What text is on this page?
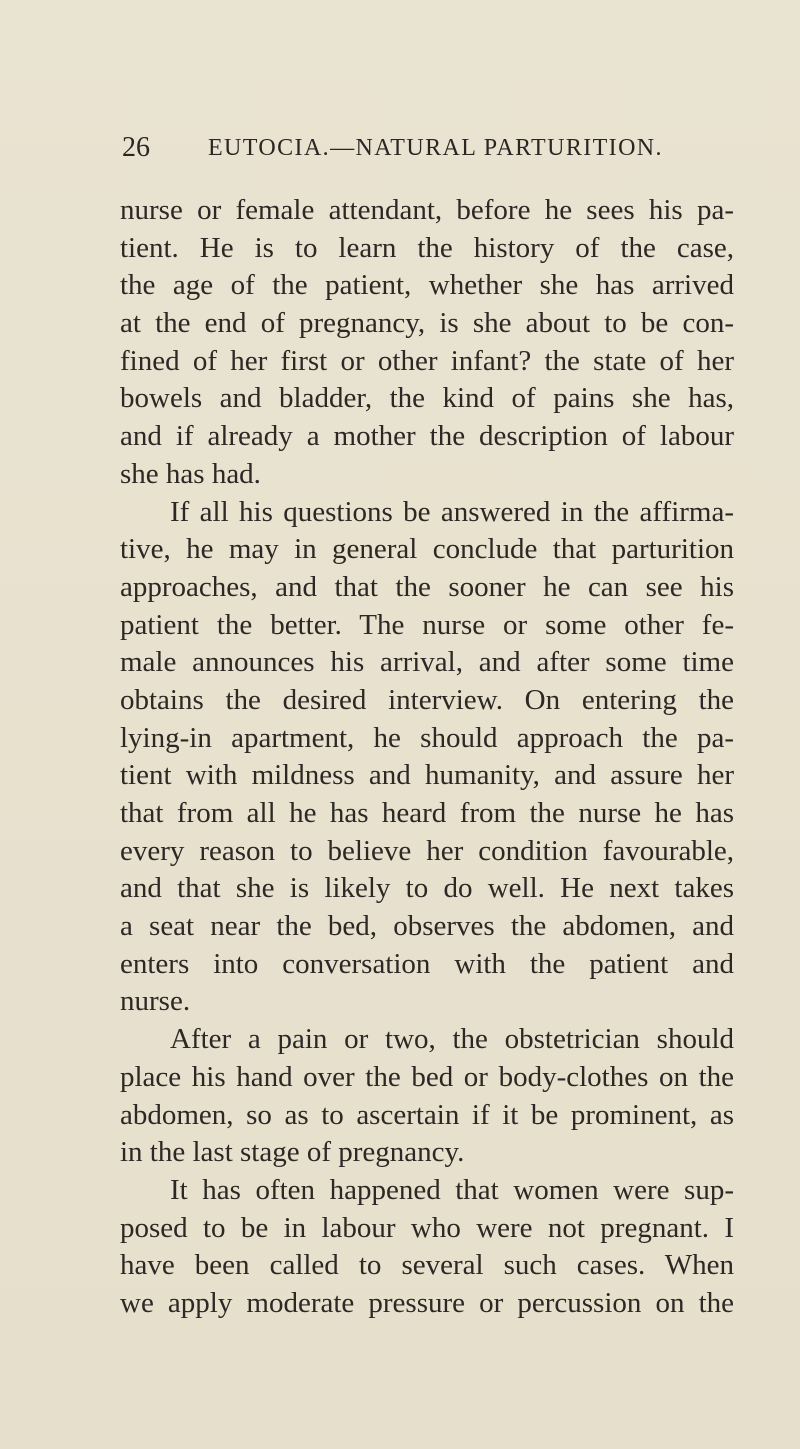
26 EUTOCIA.—NATURAL PARTURITION.
nurse or female attendant, before he sees his pa-
tient. He is to learn the history of the case,
the age of the patient, whether she has arrived
at the end of pregnancy, is she about to be con-
fined of her first or other infant? the state of her
bowels and bladder, the kind of pains she has,
and if already a mother the description of labour
she has had.
If all his questions be answered in the affirma-
tive, he may in general conclude that parturition
approaches, and that the sooner he can see his
patient the better. The nurse or some other fe-
male announces his arrival, and after some time
obtains the desired interview. On entering the
lying-in apartment, he should approach the pa-
tient with mildness and humanity, and assure her
that from all he has heard from the nurse he has
every reason to believe her condition favourable,
and that she is likely to do well. He next takes
a seat near the bed, observes the abdomen, and
enters into conversation with the patient and
nurse.
After a pain or two, the obstetrician should
place his hand over the bed or body-clothes on the
abdomen, so as to ascertain if it be prominent, as
in the last stage of pregnancy.
It has often happened that women were sup-
posed to be in labour who were not pregnant. I
have been called to several such cases. When
we apply moderate pressure or percussion on the
